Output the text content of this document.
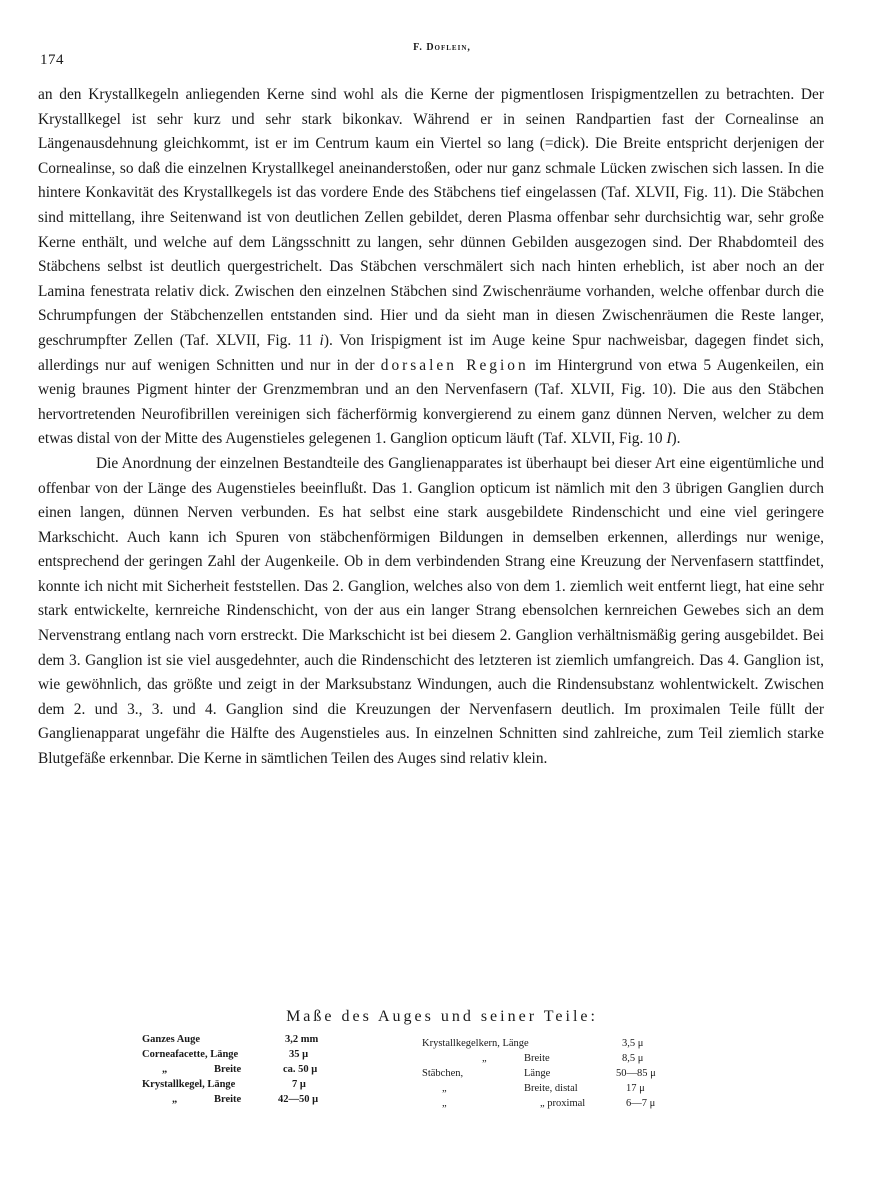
174
F. Doflein,

an den Krystallkegeln anliegenden Kerne sind wohl als die Kerne der pigmentlosen Irispigmentzellen zu betrachten. Der Krystallkegel ist sehr kurz und sehr stark bikonkav. Während er in seinen Randpartien fast der Cornealinse an Längenausdehnung gleichkommt, ist er im Centrum kaum ein Viertel so lang (=dick). Die Breite entspricht derjenigen der Cornealinse, so daß die einzelnen Krystallkegel aneinanderstoßen, oder nur ganz schmale Lücken zwischen sich lassen. In die hintere Konkavität des Krystallkegels ist das vordere Ende des Stäbchens tief eingelassen (Taf. XLVII, Fig. 11). Die Stäbchen sind mittellang, ihre Seitenwand ist von deutlichen Zellen gebildet, deren Plasma offenbar sehr durchsichtig war, sehr große Kerne enthält, und welche auf dem Längsschnitt zu langen, sehr dünnen Gebilden ausgezogen sind. Der Rhabdomteil des Stäbchens selbst ist deutlich quergestrichelt. Das Stäbchen verschmälert sich nach hinten erheblich, ist aber noch an der Lamina fenestrata relativ dick. Zwischen den einzelnen Stäbchen sind Zwischenräume vorhanden, welche offenbar durch die Schrumpfungen der Stäbchenzellen entstanden sind. Hier und da sieht man in diesen Zwischenräumen die Reste langer, geschrumpfter Zellen (Taf. XLVII, Fig. 11 i). Von Irispigment ist im Auge keine Spur nachweisbar, dagegen findet sich, allerdings nur auf wenigen Schnitten und nur in der dorsalen Region im Hintergrund von etwa 5 Augenkeilen, ein wenig braunes Pigment hinter der Grenzmembran und an den Nervenfasern (Taf. XLVII, Fig. 10). Die aus den Stäbchen hervortretenden Neurofibrillen vereinigen sich fächerförmig konvergierend zu einem ganz dünnen Nerven, welcher zu dem etwas distal von der Mitte des Augenstieles gelegenen 1. Ganglion opticum läuft (Taf. XLVII, Fig. 10 I).

Die Anordnung der einzelnen Bestandteile des Ganglienapparates ist überhaupt bei dieser Art eine eigentümliche und offenbar von der Länge des Augenstieles beeinflußt. Das 1. Ganglion opticum ist nämlich mit den 3 übrigen Ganglien durch einen langen, dünnen Nerven verbunden. Es hat selbst eine stark ausgebildete Rindenschicht und eine viel geringere Markschicht. Auch kann ich Spuren von stäbchenförmigen Bildungen in demselben erkennen, allerdings nur wenige, entsprechend der geringen Zahl der Augenkeile. Ob in dem verbindenden Strang eine Kreuzung der Nervenfasern stattfindet, konnte ich nicht mit Sicherheit feststellen. Das 2. Ganglion, welches also von dem 1. ziemlich weit entfernt liegt, hat eine sehr stark entwickelte, kernreiche Rindenschicht, von der aus ein langer Strang ebensolchen kernreichen Gewebes sich an dem Nervenstrang entlang nach vorn erstreckt. Die Markschicht ist bei diesem 2. Ganglion verhältnismäßig gering ausgebildet. Bei dem 3. Ganglion ist sie viel ausgedehnter, auch die Rindenschicht des letzteren ist ziemlich umfangreich. Das 4. Ganglion ist, wie gewöhnlich, das größte und zeigt in der Marksubstanz Windungen, auch die Rindensubstanz wohlentwickelt. Zwischen dem 2. und 3., 3. und 4. Ganglion sind die Kreuzungen der Nervenfasern deutlich. Im proximalen Teile füllt der Ganglienapparat ungefähr die Hälfte des Augenstieles aus. In einzelnen Schnitten sind zahlreiche, zum Teil ziemlich starke Blutgefäße erkennbar. Die Kerne in sämtlichen Teilen des Auges sind relativ klein.

Maße des Auges und seiner Teile:
Ganzes Auge	3,2 mm
Corneafacette, Länge	35 μ
„	Breite	ca. 50 μ
Krystallkegel, Länge	7 μ
„	Breite	42—50 μ
Krystallkegelkern, Länge	3,5 μ
„	Breite	8,5 μ
Stäbchen,	Länge	50—85 μ
„	Breite, distal	17 μ
„	„ proximal	6—7 μ
